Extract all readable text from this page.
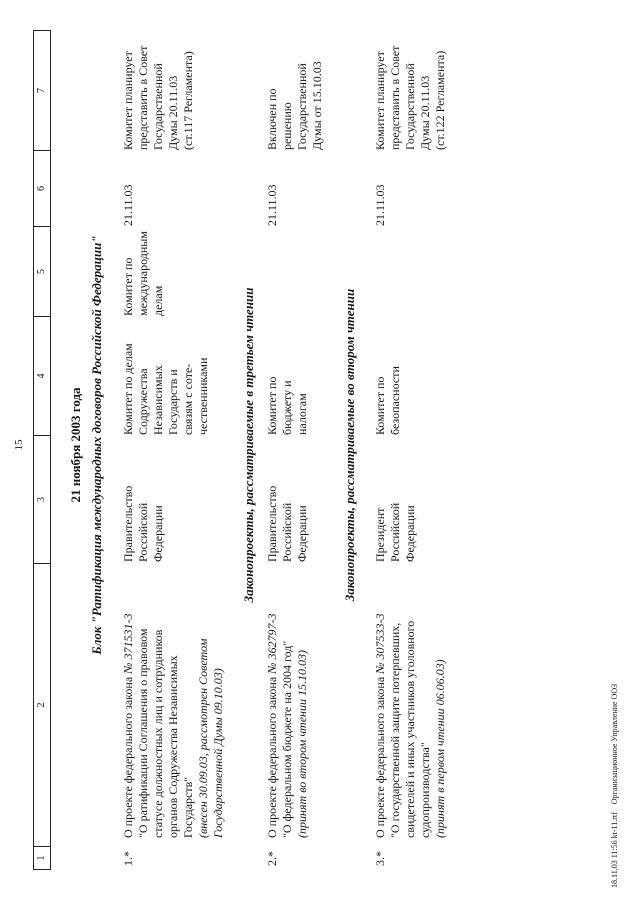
15
1
2
3
4
5
6
7
21 ноября 2003 года Блок "Ратификация международных договоров Российской Федерации"
1.*
О проекте федерального закона № 371531-3 "О ратификации Соглашения о правовом статусе должностных лиц и сотрудников органов Содружества Независимых Государств" (внесен 30.09.03, рассмотрен Советом Государственной Думы 09.10.03)
Правительство Российской Федерации
Комитет по делам Содружества Независимых Государств и связям с соте- чественниками
Комитет по международным делам
21.11.03
Комитет планирует представить в Совет Государственной Думы 20.11.03 (ст.117 Регламента)
Законопроекты, рассматриваемые в третьем чтении
2.*
О проекте федерального закона № 362797-3 "О федеральном бюджете на 2004 год" (принят во втором чтении 15.10.03)
Правительство Российской Федерации
Комитет по бюджету и налогам
21.11.03
Включен по решению Государственной Думы от 15.10.03
Законопроекты, рассматриваемые во втором чтении
3.*
О проекте федерального закона № 307533-3 "О государственной защите потерпевших, свидетелей и иных участников уголовного судопроизводства" (принят в первом чтении 06.06.03)
Президент Российской Федерации
Комитет по безопасности
21.11.03
Комитет планирует представить в Совет Государственной Думы 20.11.03 (ст.122 Регламента)
18.11.03 11:56 kt-11.rtfОрганизационное Управление ООЗ
